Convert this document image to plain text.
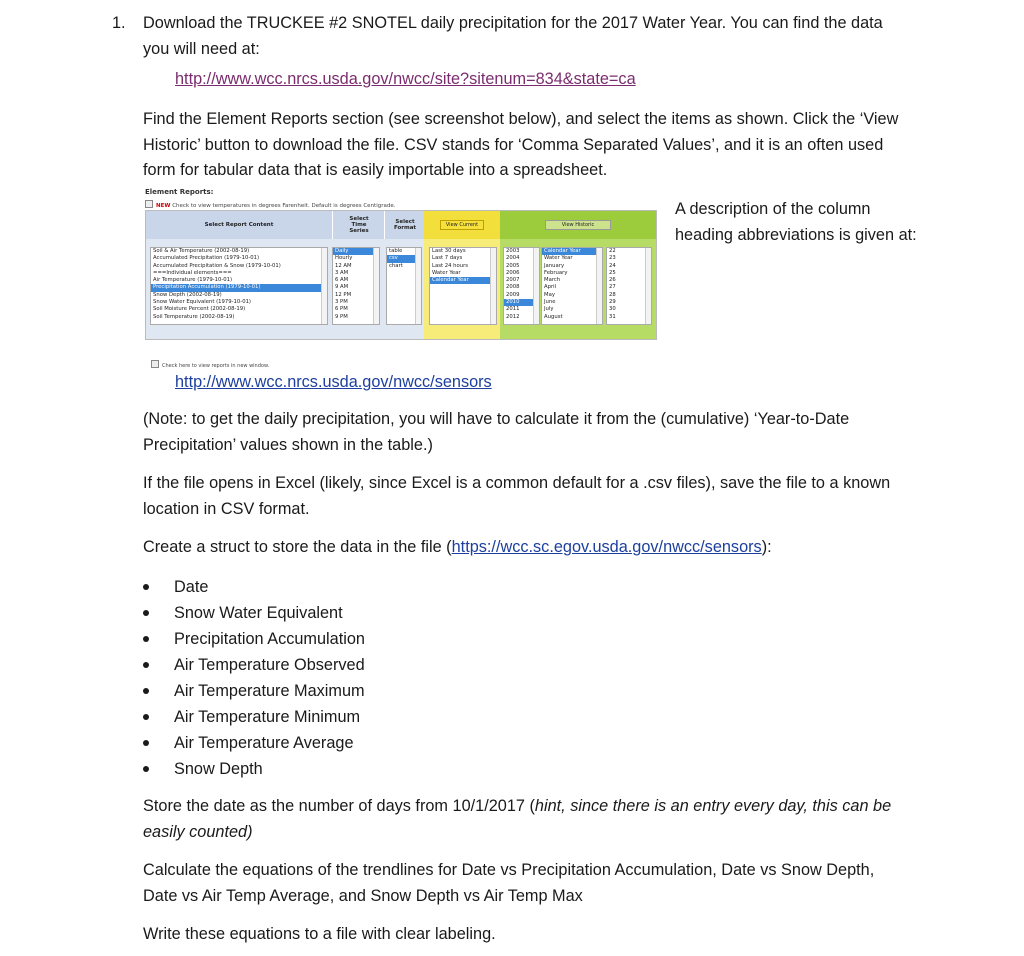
1. Download the TRUCKEE #2 SNOTEL daily precipitation for the 2017 Water Year. You can find the data you will need at:
http://www.wcc.nrcs.usda.gov/nwcc/site?sitenum=834&state=ca
Find the Element Reports section (see screenshot below), and select the items as shown. Click the ‘View Historic’ button to download the file. CSV stands for ‘Comma Separated Values’, and it is an often used form for tabular data that is easily importable into a spreadsheet.
Element Reports:
NEW Check to view temperatures in degrees Farenheit. Default is degrees Centigrade.
Select Report Content
Select Time Series
Select Format	View Current	View Historic
Soil & Air Temperature (2002-08-19)
Accumulated Precipitation (1979-10-01)
Accumulated Precipitation & Snow (1979-10-01)
===Individual elements===
Air Temperature (1979-10-01)
Precipitation Accumulation (1979-10-01)
Snow Depth (2002-08-19)
Snow Water Equivalent (1979-10-01)
Soil Moisture Percent (2002-08-19)
Soil Temperature (2002-08-19)
Daily
Hourly
12 AM
3 AM
6 AM
9 AM
12 PM
3 PM
6 PM
9 PM
table
csv
chart
Last 30 days
Last 7 days
Last 24 hours
Water Year
Calendar Year
2003
2004
2005
2006
2007
2008
2009
2010
2011
2012
Calendar Year
Water Year
January
February
March
April
May
June
July
August
22
23
24
25
26
27
28
29
30
31
Check here to view reports in new window.
A description of the column heading abbreviations is given at:
http://www.wcc.nrcs.usda.gov/nwcc/sensors
(Note: to get the daily precipitation, you will have to calculate it from the (cumulative) ‘Year-to-Date Precipitation’ values shown in the table.)
If the file opens in Excel (likely, since Excel is a common default for a .csv files), save the file to a known location in CSV format.
Create a struct to store the data in the file (https://wcc.sc.egov.usda.gov/nwcc/sensors):
Date
Snow Water Equivalent
Precipitation Accumulation
Air Temperature Observed
Air Temperature Maximum
Air Temperature Minimum
Air Temperature Average
Snow Depth
Store the date as the number of days from 10/1/2017 (hint, since there is an entry every day, this can be easily counted)
Calculate the equations of the trendlines for Date vs Precipitation Accumulation, Date vs Snow Depth, Date vs Air Temp Average, and Snow Depth vs Air Temp Max
Write these equations to a file with clear labeling.
